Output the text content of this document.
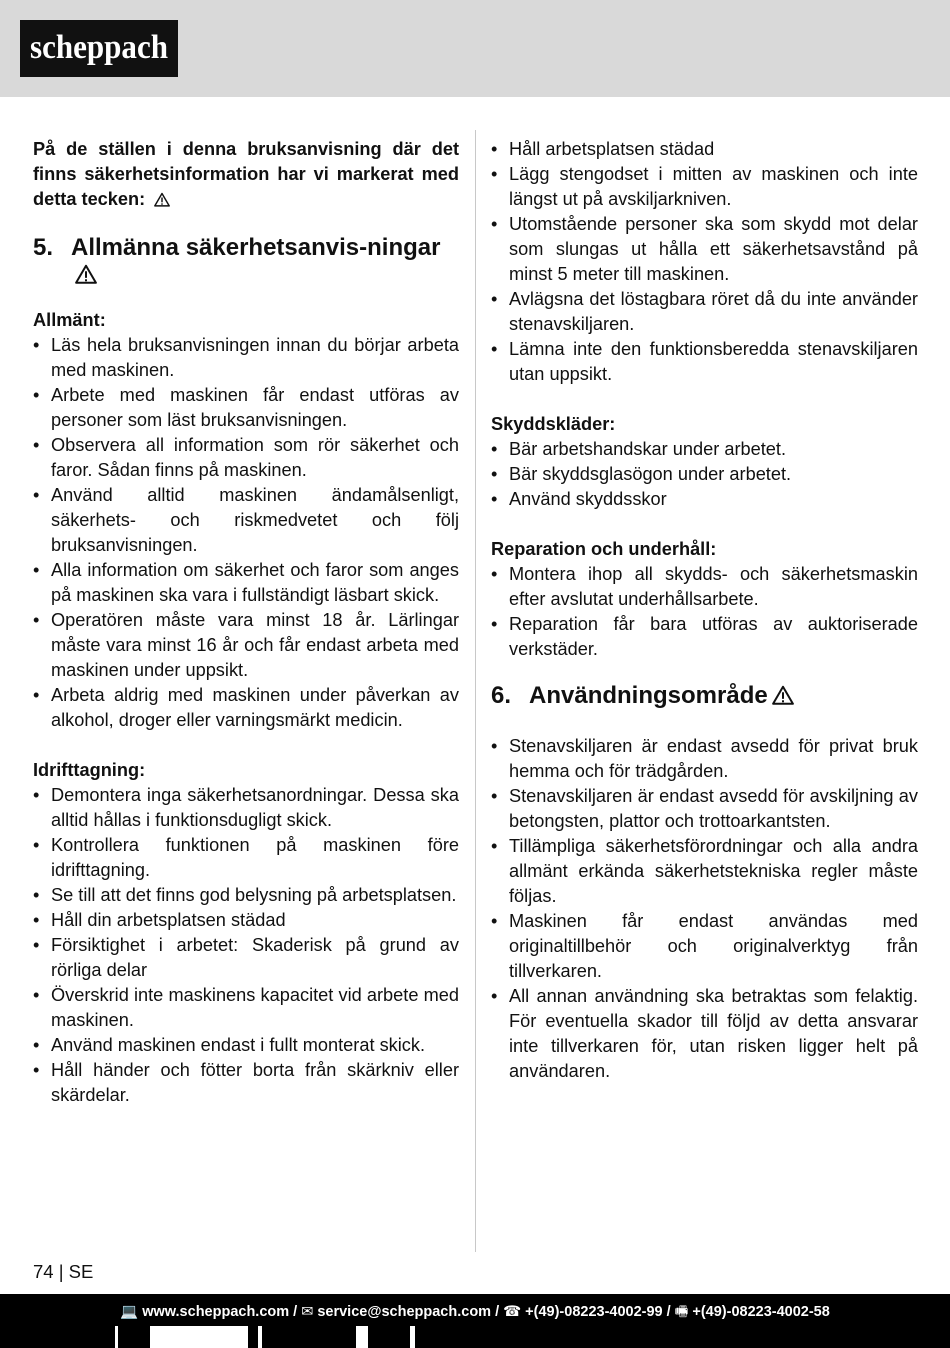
scheppach

På de ställen i denna bruksanvisning där det finns säkerhetsinformation har vi markerat med detta tecken:

5. Allmänna säkerhetsanvis-ningar

Allmänt:

• Läs hela bruksanvisningen innan du börjar arbeta med maskinen.
• Arbete med maskinen får endast utföras av personer som läst bruksanvisningen.
• Observera all information som rör säkerhet och faror. Sådan finns på maskinen.
• Använd alltid maskinen ändamålsenligt, säkerhets- och riskmedvetet och följ bruksanvisningen.
• Alla information om säkerhet och faror som anges på maskinen ska vara i fullständigt läsbart skick.
• Operatören måste vara minst 18 år. Lärlingar måste vara minst 16 år och får endast arbeta med maskinen under uppsikt.
• Arbeta aldrig med maskinen under påverkan av alkohol, droger eller varningsmärkt medicin.

Idrifttagning:

• Demontera inga säkerhetsanordningar. Dessa ska alltid hållas i funktionsdugligt skick.
• Kontrollera funktionen på maskinen före idrifttagning.
• Se till att det finns god belysning på arbetsplatsen.
• Håll din arbetsplatsen städad
• Försiktighet i arbetet: Skaderisk på grund av rörliga delar
• Överskrid inte maskinens kapacitet vid arbete med maskinen.
• Använd maskinen endast i fullt monterat skick.
• Håll händer och fötter borta från skärkniv eller skärdelar.
• Håll arbetsplatsen städad
• Lägg stengodset i mitten av maskinen och inte längst ut på avskiljarkniven.
• Utomstående personer ska som skydd mot delar som slungas ut hålla ett säkerhetsavstånd på minst 5 meter till maskinen.
• Avlägsna det löstagbara röret då du inte använder stenavskiljaren.
• Lämna inte den funktionsberedda stenavskiljaren utan uppsikt.

Skyddskläder:

• Bär arbetshandskar under arbetet.
• Bär skyddsglasögon under arbetet.
• Använd skyddsskor

Reparation och underhåll:

• Montera ihop all skydds- och säkerhetsmaskin efter avslutat underhållsarbete.
• Reparation får bara utföras av auktoriserade verkstäder.
6. Användningsområde
• Stenavskiljaren är endast avsedd för privat bruk hemma och för trädgården.
• Stenavskiljaren är endast avsedd för avskiljning av betongsten, plattor och trottoarkantsten.
• Tillämpliga säkerhetsförordningar och alla andra allmänt erkända säkerhetstekniska regler måste följas.
• Maskinen får endast användas med originaltillbehör och originalverktyg från tillverkaren.
• All annan användning ska betraktas som felaktig. För eventuella skador till följd av detta ansvarar inte tillverkaren för, utan risken ligger helt på användaren.
74 | SE
💻 www.scheppach.com / ✉ service@scheppach.com / ☎ +(49)-08223-4002-99 / 🖷 +(49)-08223-4002-58
